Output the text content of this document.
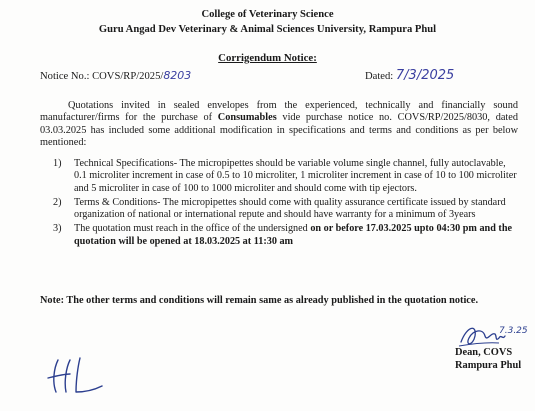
College of Veterinary Science
Guru Angad Dev Veterinary & Animal Sciences University, Rampura Phul
Corrigendum Notice:
Notice No.: COVS/RP/2025/8203	Dated: 7/3/2025
Quotations invited in sealed envelopes from the experienced, technically and financially sound manufacturer/firms for the purchase of Consumables vide purchase notice no. COVS/RP/2025/8030, dated 03.03.2025 has included some additional modification in specifications and terms and conditions as per below mentioned:
1) Technical Specifications- The micropipettes should be variable volume single channel, fully autoclavable, 0.1 microliter increment in case of 0.5 to 10 microliter, 1 microliter increment in case of 10 to 100 microliter and 5 microliter in case of 100 to 1000 microliter and should come with tip ejectors.
2) Terms & Conditions- The micropipettes should come with quality assurance certificate issued by standard organization of national or international repute and should have warranty for a minimum of 3years
3) The quotation must reach in the office of the undersigned on or before 17.03.2025 upto 04:30 pm and the quotation will be opened at 18.03.2025 at 11:30 am
Note: The other terms and conditions will remain same as already published in the quotation notice.
7.3.25
Dean, COVS
Rampura Phul
